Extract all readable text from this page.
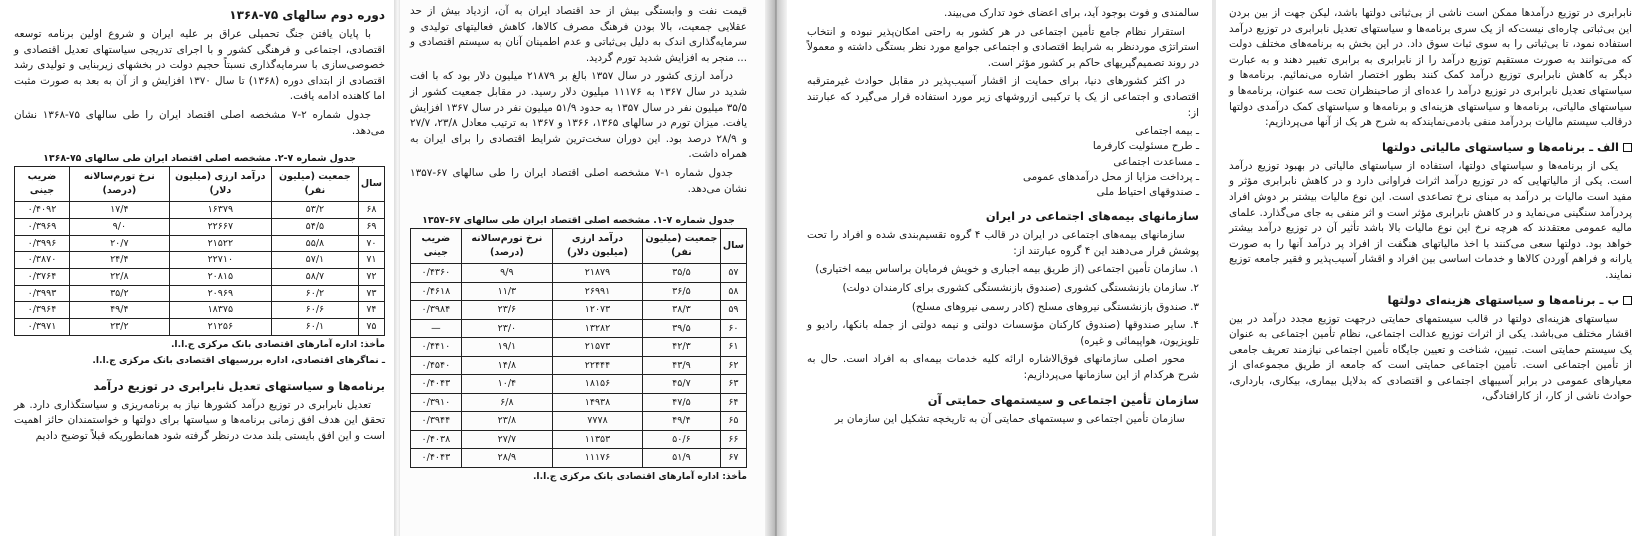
دوره دوم سالهای ۷۵-۱۳۶۸

با پایان یافتن جنگ تحمیلی عراق بر علیه ایران و شروع اولین برنامه توسعه اقتصادی، اجتماعی و فرهنگی کشور و با اجرای تدریجی سیاستهای تعدیل اقتصادی و خصوصی‌سازی با سرمایه‌گذاری نسبتاً حجیم دولت در بخشهای زیربنایی و تولیدی رشد اقتصادی از ابتدای دوره (۱۳۶۸) تا سال ۱۳۷۰ افزایش و از آن به بعد به صورت مثبت اما کاهنده ادامه یافت.

جدول شماره ۲-۷ مشخصه اصلی اقتصاد ایران را طی سالهای ۷۵-۱۳۶۸ نشان می‌دهد.

جدول شماره ۷-۲. مشخصه اصلی اقتصاد ایران طی سالهای ۷۵-۱۳۶۸
سال	جمعیت (میلیون نفر)	درآمد ارزی (میلیون دلار)	نرخ تورم‌سالانه (درصد)	ضریب جینی
۶۸	۵۳/۲	۱۶۳۷۹	۱۷/۴	۰/۴۰۹۲
۶۹	۵۴/۵	۲۲۶۶۷	۹/۰	۰/۳۹۶۹
۷۰	۵۵/۸	۲۱۵۲۲	۲۰/۷	۰/۳۹۹۶
۷۱	۵۷/۱	۲۲۷۱۰	۲۴/۴	۰/۳۸۷۰
۷۲	۵۸/۷	۲۰۸۱۵	۲۲/۸	۰/۳۷۶۴
۷۳	۶۰/۲	۲۰۹۶۹	۳۵/۲	۰/۳۹۹۳
۷۴	۶۰/۶	۱۸۳۷۵	۴۹/۴	۰/۳۹۶۴
۷۵	۶۰/۱	۲۱۲۵۶	۲۳/۲	۰/۳۹۷۱
مأخذ: اداره آمارهای اقتصادی بانک مرکزی ج.ا.ا.
ـ نماگرهای اقتصادی، اداره بررسیهای اقتصادی بانک مرکزی ج.ا.ا.
برنامه‌ها و سیاستهای تعدیل نابرابری در توزیع درآمد

تعدیل نابرابری در توزیع درآمد کشورها نیاز به برنامه‌ریزی و سیاستگذاری دارد. هر تحقق این هدف افق زمانی برنامه‌ها و سیاستها برای دولتها و خواستمندان حائز اهمیت است و این افق بایستی بلند مدت درنظر گرفته شود همانطوریکه قبلاً توضیح دادیم

قیمت نفت و وابستگی بیش از حد اقتصاد ایران به آن، ازدیاد بیش از حد عقلایی جمعیت، بالا بودن فرهنگ مصرف کالاها، کاهش فعالیتهای تولیدی و سرمایه‌گذاری اندک به دلیل بی‌ثباتی و عدم اطمینان آنان به سیستم اقتصادی و ... منجر به افزایش شدید تورم گردید.

درآمد ارزی کشور در سال ۱۳۵۷ بالغ بر ۲۱۸۷۹ میلیون دلار بود که با افت شدید در سال ۱۳۶۷ به ۱۱۱۷۶ میلیون دلار رسید. در مقابل جمعیت کشور از ۳۵/۵ میلیون نفر در سال ۱۳۵۷ به حدود ۵۱/۹ میلیون نفر در سال ۱۳۶۷ افزایش یافت. میزان تورم در سالهای ۱۳۶۵، ۱۳۶۶ و ۱۳۶۷ به ترتیب معادل ۲۳/۸، ۲۷/۷ و ۲۸/۹ درصد بود. این دوران سخت‌ترین شرایط اقتصادی را برای ایران به همراه داشت.

جدول شماره ۱-۷ مشخصه اصلی اقتصاد ایران را طی سالهای ۶۷-۱۳۵۷ نشان می‌دهد.

جدول شماره ۷-۱. مشخصه اصلی اقتصاد ایران طی سالهای ۶۷-۱۳۵۷
سال	جمعیت (میلیون نفر)	درآمد ارزی (میلیون دلار)	نرخ تورم‌سالانه (درصد)	ضریب جینی
۵۷	۳۵/۵	۲۱۸۷۹	۹/۹	۰/۴۳۶۰
۵۸	۳۶/۵	۲۶۹۹۱	۱۱/۳	۰/۴۶۱۸
۵۹	۳۸/۳	۱۲۰۷۳	۲۳/۶	۰/۳۹۸۴
۶۰	۳۹/۵	۱۳۲۸۲	۲۳/۰	—
۶۱	۴۲/۳	۲۱۵۷۳	۱۹/۱	۰/۴۴۱۰
۶۲	۴۳/۹	۲۲۴۴۴	۱۴/۸	۰/۴۵۴۰
۶۳	۴۵/۷	۱۸۱۵۶	۱۰/۴	۰/۴۰۴۳
۶۴	۴۷/۵	۱۴۹۳۸	۶/۸	۰/۳۹۱۰
۶۵	۴۹/۴	۷۷۷۸	۲۳/۸	۰/۳۹۴۴
۶۶	۵۰/۶	۱۱۳۵۳	۲۷/۷	۰/۴۰۳۸
۶۷	۵۱/۹	۱۱۱۷۶	۲۸/۹	۰/۴۰۴۳
مأخذ: اداره آمارهای اقتصادی بانک مرکزی ج.ا.ا.

سالمندی و فوت بوجود آید، برای اعضای خود تدارک می‌بیند.

استقرار نظام جامع تأمین اجتماعی در هر کشور به راحتی امکان‌پذیر نبوده و انتخاب استراتژی موردنظر به شرایط اقتصادی و اجتماعی جوامع مورد نظر بستگی داشته و معمولاً در روند تصمیم‌گیریهای حاکم بر کشور مؤثر است.

در اکثر کشورهای دنیا، برای حمایت از اقشار آسیب‌پذیر در مقابل حوادث غیرمترقبه اقتصادی و اجتماعی از یک یا ترکیبی ازروشهای زیر مورد استفاده قرار می‌گیرد که عبارتند از:

ـ بیمه اجتماعی
ـ طرح مسئولیت کارفرما
ـ مساعدت اجتماعی
ـ پرداخت مزایا از محل درآمدهای عمومی
ـ صندوقهای احتیاط ملی
سازمانهای بیمه‌های اجتماعی در ایران

سازمانهای بیمه‌های اجتماعی در ایران در قالب ۴ گروه تقسیم‌بندی شده و افراد را تحت پوشش قرار می‌دهند این ۴ گروه عبارتند از:

۱. سازمان تأمین اجتماعی (از طریق بیمه اجباری و خویش فرمایان براساس بیمه اختیاری)

۲. سازمان بازنشستگی کشوری (صندوق بازنشستگی کشوری برای کارمندان دولت)

۳. صندوق بازنشستگی نیروهای مسلح (کادر رسمی نیروهای مسلح)

۴. سایر صندوقها (صندوق کارکنان مؤسسات دولتی و نیمه دولتی از جمله بانکها، رادیو و تلویزیون، هواپیمائی و غیره)

محور اصلی سازمانهای فوق‌الاشاره ارائه کلیه خدمات بیمه‌ای به افراد است. حال به شرح هرکدام از این سازمانها می‌پردازیم:

سازمان تأمین اجتماعی و سیستمهای حمایتی آن

سازمان تأمین اجتماعی و سیستمهای حمایتی آن به تاریخچه تشکیل این سازمان بر

نابرابری در توزیع درآمدها ممکن است ناشی از بی‌ثباتی دولتها باشد، لیکن جهت از بین بردن این بی‌ثباتی چاره‌ای نیست‌که از یک سری برنامه‌ها و سیاستهای تعدیل نابرابری در توزیع درآمد استفاده نمود، تا بی‌ثباتی را به سوی ثبات سوق داد. در این بخش به برنامه‌های مختلف دولت که می‌توانند به صورت مستقیم توزیع درآمد را از نابرابری به برابری تغییر دهند و به عبارت دیگر به کاهش نابرابری توزیع درآمد کمک کنند بطور اختصار اشاره می‌نمائیم. برنامه‌ها و سیاستهای تعدیل نابرابری در توزیع درآمد را عده‌ای از صاحبنظران تحت سه عنوان، برنامه‌ها و سیاستهای مالیاتی، برنامه‌ها و سیاستهای هزینه‌ای و برنامه‌ها و سیاستهای کمک درآمدی دولتها درقالب سیستم مالیات بردرآمد منفی بادمی‌نمایند‌که به شرح هر یک از آنها می‌پردازیم:

الف ـ برنامه‌ها و سیاستهای مالیاتی دولتها

یکی از برنامه‌ها و سیاستهای دولتها، استفاده از سیاستهای مالیاتی در بهبود توزیع درآمد است. یکی از مالیاتهایی که در توزیع درآمد اثرات فراوانی دارد و در کاهش نابرابری مؤثر و مفید است مالیات بر درآمد به مبنای نرخ تصاعدی است. این نوع مالیات بیشتر بر دوش افراد پردرآمد سنگینی می‌نماید و در کاهش نابرابری مؤثر است و اثر منفی به جای می‌گذارد. علمای مالیه عمومی معتقدند که هرچه نرخ این نوع مالیات بالا باشد تأثیر آن در توزیع درآمد بیشتر خواهد بود. دولتها سعی می‌کنند با اخذ مالیاتهای هنگفت از افراد پر درآمد آنها را به صورت یارانه و فراهم آوردن کالاها و خدمات اساسی بین افراد و اقشار آسیب‌پذیر و فقیر جامعه توزیع نمایند.

ب ـ برنامه‌ها و سیاستهای هزینه‌ای دولتها

سیاستهای هزینه‌ای دولتها در قالب سیستمهای حمایتی درجهت توزیع مجدد درآمد در بین اقشار مختلف می‌باشد. یکی از اثرات توزیع عدالت اجتماعی، نظام تأمین اجتماعی به عنوان یک سیستم حمایتی است. تبیین، شناخت و تعیین جایگاه تأمین اجتماعی نیازمند تعریف جامعی از تأمین اجتماعی است. تأمین اجتماعی حمایتی است که جامعه از طریق مجموعه‌ای از معیارهای عمومی در برابر آسیبهای اجتماعی و اقتصادی که بدلایل بیماری، بیکاری، بارداری، حوادث ناشی از کار، از کارافتادگی،
